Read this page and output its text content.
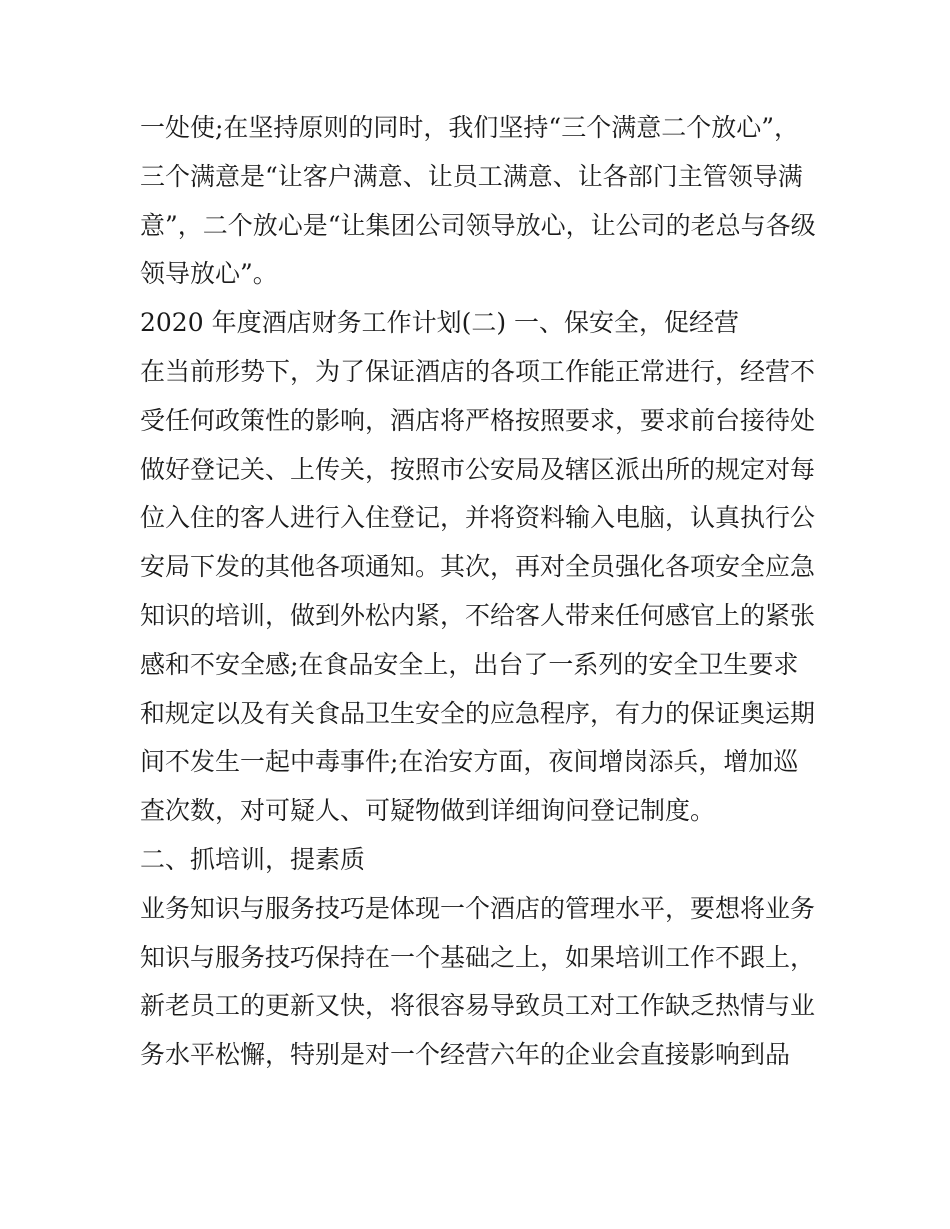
一处使;在坚持原则的同时，我们坚持“三个满意二个放心”，

三个满意是“让客户满意、让员工满意、让各部门主管领导满

意”，二个放心是“让集团公司领导放心，让公司的老总与各级

领导放心”。

2020 年度酒店财务工作计划(二) 一、保安全，促经营

在当前形势下，为了保证酒店的各项工作能正常进行，经营不

受任何政策性的影响，酒店将严格按照要求，要求前台接待处

做好登记关、上传关，按照市公安局及辖区派出所的规定对每

位入住的客人进行入住登记，并将资料输入电脑，认真执行公

安局下发的其他各项通知。其次，再对全员强化各项安全应急

知识的培训，做到外松内紧，不给客人带来任何感官上的紧张

感和不安全感;在食品安全上，出台了一系列的安全卫生要求

和规定以及有关食品卫生安全的应急程序，有力的保证奥运期

间不发生一起中毒事件;在治安方面，夜间增岗添兵，增加巡

查次数，对可疑人、可疑物做到详细询问登记制度。

二、抓培训，提素质

业务知识与服务技巧是体现一个酒店的管理水平，要想将业务

知识与服务技巧保持在一个基础之上，如果培训工作不跟上，

新老员工的更新又快，将很容易导致员工对工作缺乏热情与业

务水平松懈，特别是对一个经营六年的企业会直接影响到品
